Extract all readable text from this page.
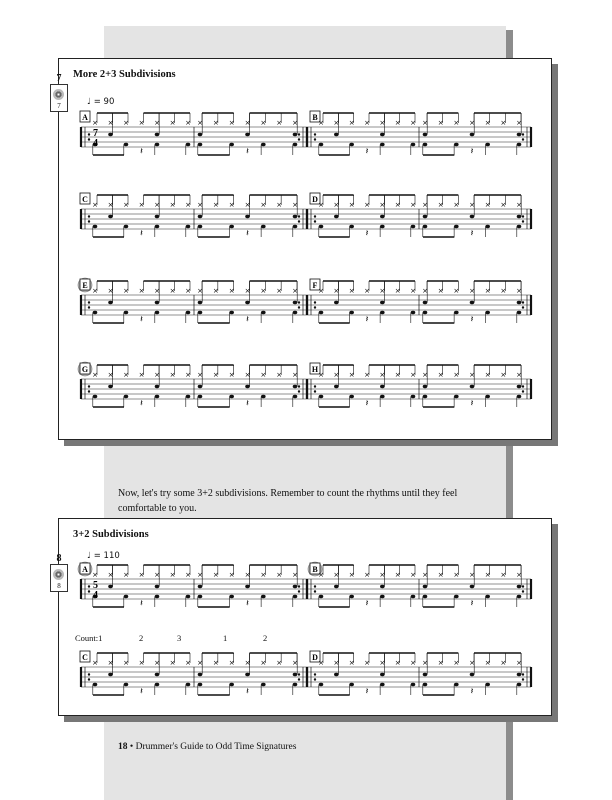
More 2+3 Subdivisions
7
7	♩ = 90
A
× × × ×
𝄽
× × × × × × ×
𝄽
× × ×
7
4
B
× × × ×
𝄽
× × × × × × ×
𝄽
× × ×
C
× × × ×
𝄽
× × × × × × ×
𝄽
× × ×
D
× × × ×
𝄽
× × × × × × ×
𝄽
× × ×
E
× × × ×
𝄽
× × × × × × ×
𝄽
× × ×
F
× × × ×
𝄽
× × × × × × ×
𝄽
× × ×
G
× × × ×
𝄽
× × × × × × ×
𝄽
× × ×
H
× × × ×
𝄽
× × × × × × ×
𝄽
× × ×
Now, let's try some 3+2 subdivisions. Remember to count the rhythms until they feel comfortable to you.
3+2 Subdivisions
8
8
♩ = 110
A
× × × ×
𝄽
× × × × × × ×
𝄽
× × ×
5
4
B
× × × ×
𝄽
× × × × × × ×
𝄽
× × ×
C
× × × ×
𝄽
× × × × × × ×
𝄽
× × ×
D
× × × ×
𝄽
× × × × × × ×
𝄽
× × ×
Count:1	2	3	1	2
18 • Drummer's Guide to Odd Time Signatures
